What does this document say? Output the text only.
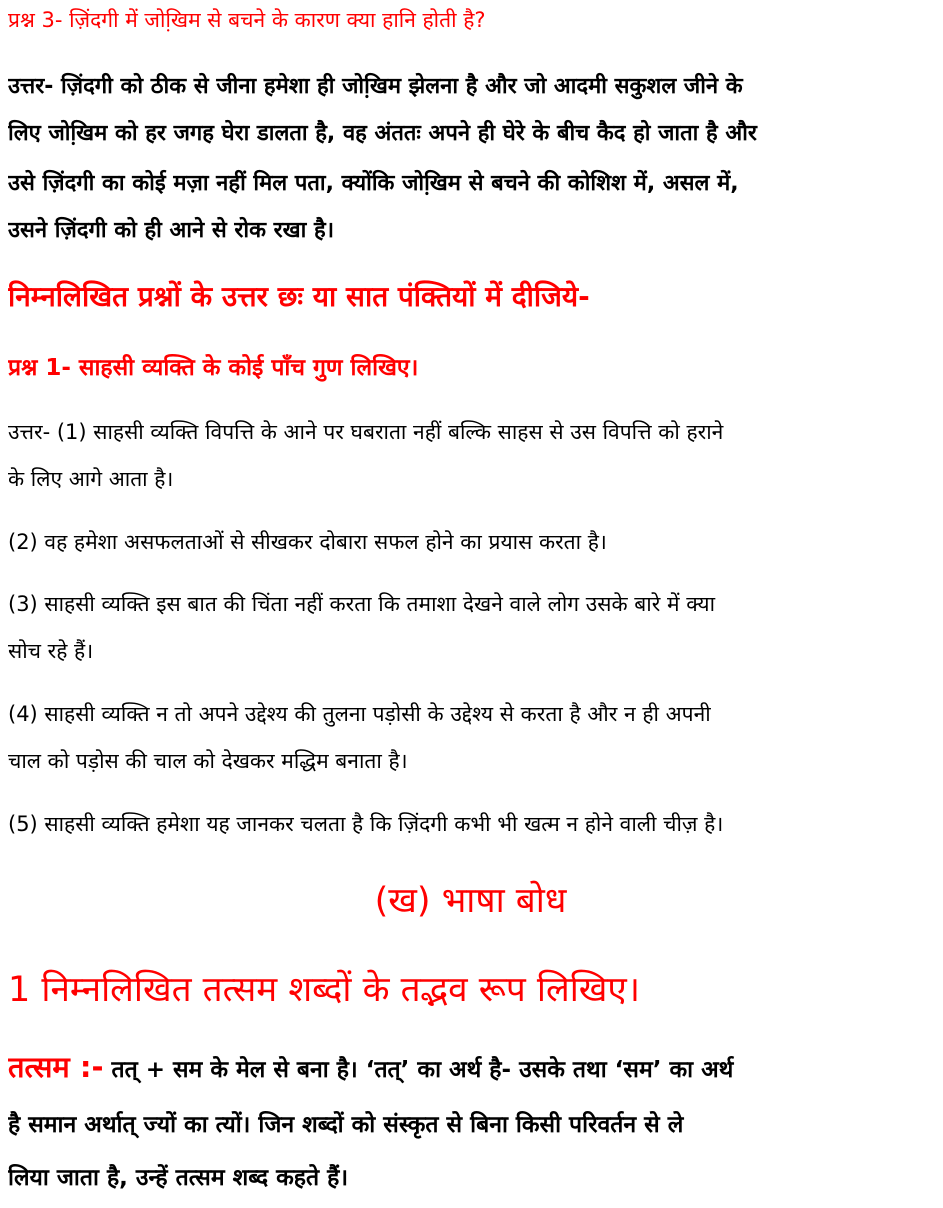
प्रश्न 3- ज़िंदगी में जोखि़म से बचने के कारण क्या हानि होती है?
उत्तर- ज़िंदगी को ठीक से जीना हमेशा ही जोखि़म झेलना है और जो आदमी सकुशल जीने के
लिए जोखि़म को हर जगह घेरा डालता है, वह अंततः अपने ही घेरे के बीच कैद हो जाता है और
उसे ज़िंदगी का कोई मज़ा नहीं मिल पता, क्योंकि जोखि़म से बचने की कोशिश में, असल में,
उसने ज़िंदगी को ही आने से रोक रखा है।
निम्नलिखित प्रश्नों के उत्तर छः या सात पंक्तियों में दीजिये-
प्रश्न 1- साहसी व्यक्ति के कोई पाँच गुण लिखिए।
उत्तर- (1) साहसी व्यक्ति विपत्ति के आने पर घबराता नहीं बल्कि साहस से उस विपत्ति को हराने
के लिए आगे आता है।
(2) वह हमेशा असफलताओं से सीखकर दोबारा सफल होने का प्रयास करता है।
(3) साहसी व्यक्ति इस बात की चिंता नहीं करता कि तमाशा देखने वाले लोग उसके बारे में क्या
सोच रहे हैं।
(4) साहसी व्यक्ति न तो अपने उद्देश्य की तुलना पड़ोसी के उद्देश्य से करता है और न ही अपनी
चाल को पड़ोस की चाल को देखकर मद्धिम बनाता है।
(5) साहसी व्यक्ति हमेशा यह जानकर चलता है कि ज़िंदगी कभी भी खत्म न होने वाली चीज़ है।
(ख) भाषा बोध
1 निम्नलिखित तत्सम शब्दों के तद्भव रूप लिखिए।
तत्सम :- तत् + सम के मेल से बना है। ‘तत्’ का अर्थ है- उसके तथा ‘सम’ का अर्थ
है समान अर्थात् ज्यों का त्यों। जिन शब्दों को संस्कृत से बिना किसी परिवर्तन से ले
लिया जाता है, उन्हें तत्सम शब्द कहते हैं।
